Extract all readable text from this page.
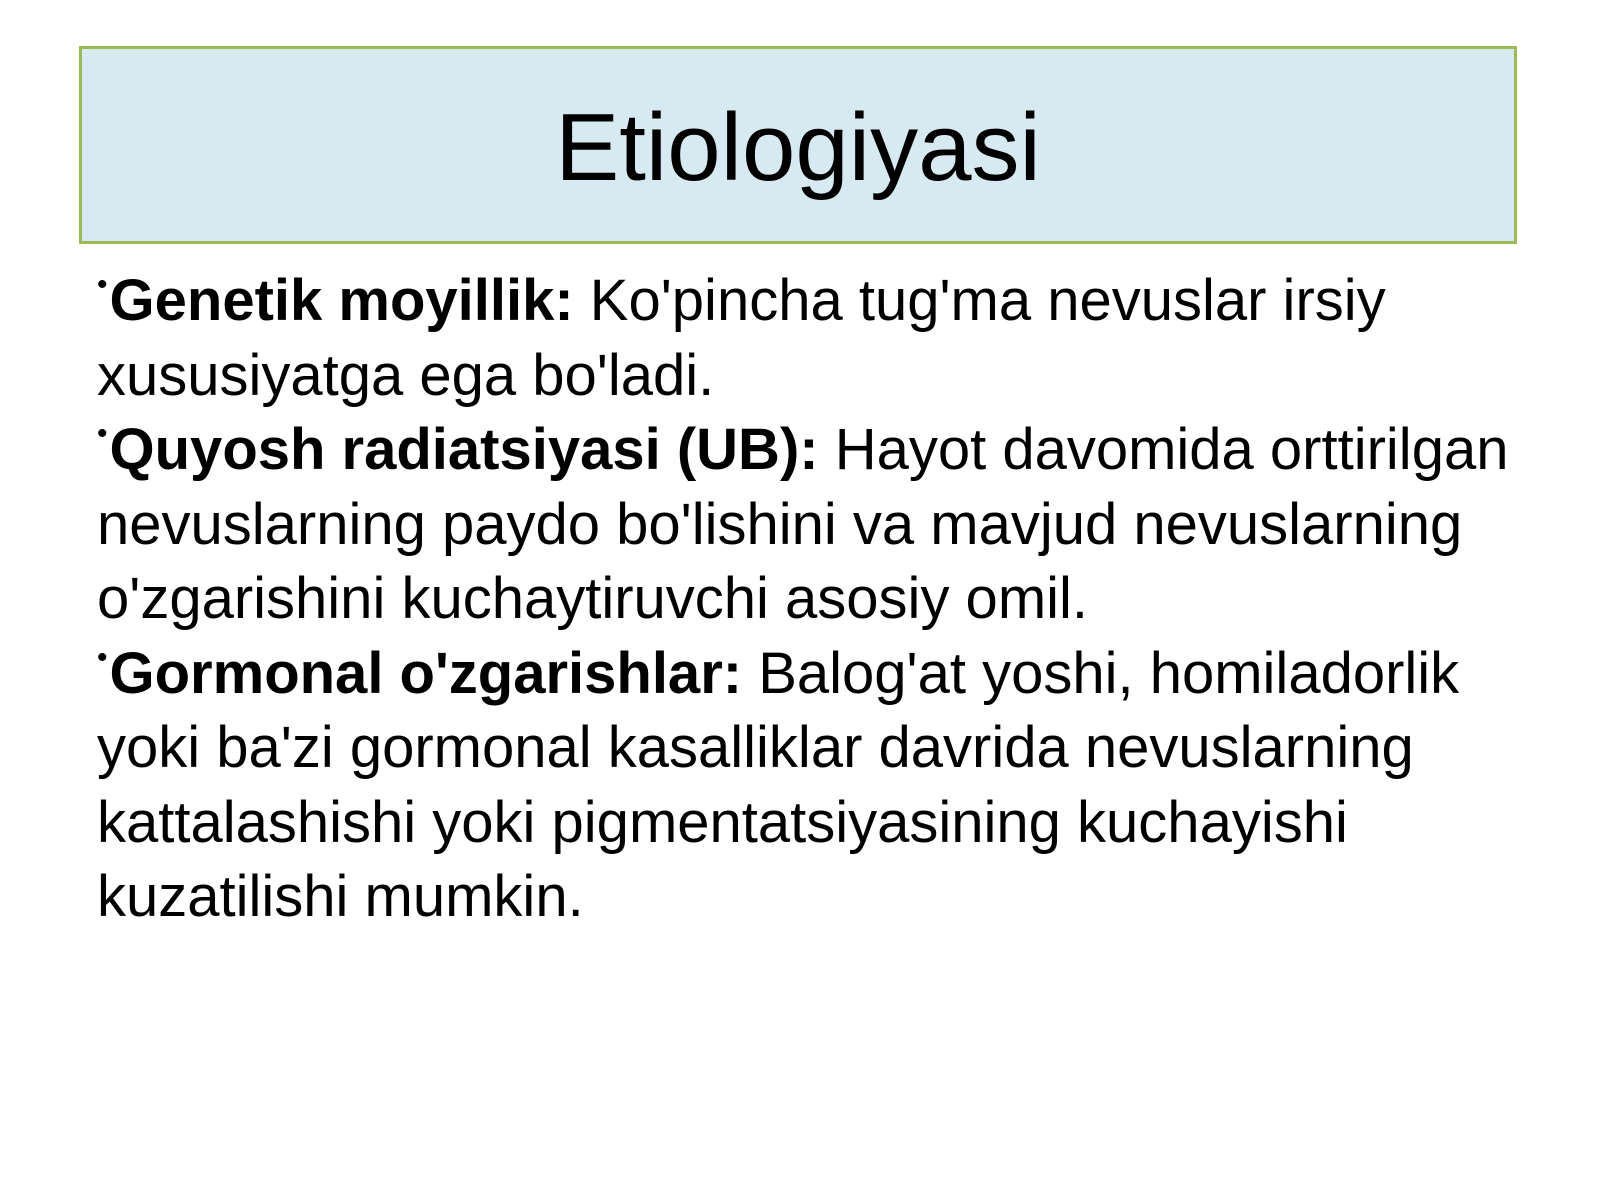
Etiologiyasi

•Genetik moyillik: Ko'pincha tug'ma nevuslar irsiy xususiyatga ega bo'ladi.

•Quyosh radiatsiyasi (UB): Hayot davomida orttirilgan nevuslarning paydo bo'lishini va mavjud nevuslarning o'zgarishini kuchaytiruvchi asosiy omil.

•Gormonal o'zgarishlar: Balog'at yoshi, homiladorlik yoki ba'zi gormonal kasalliklar davrida nevuslarning kattalashishi yoki pigmentatsiyasining kuchayishi kuzatilishi mumkin.
